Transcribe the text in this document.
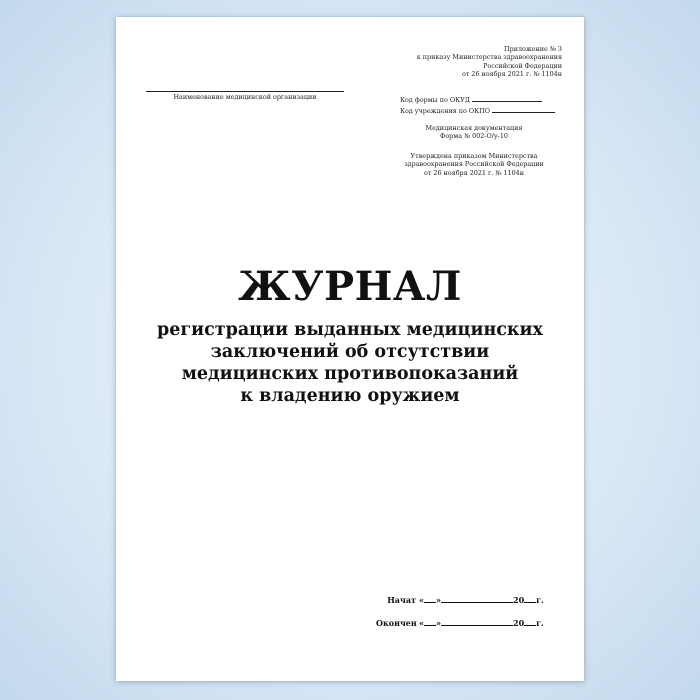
Наименование медицинской организации
Приложение № 3
к приказу Министерства здравоохранения
Российской Федерации
от 26 ноября 2021 г. № 1104н
Код формы по ОКУД
Код учреждения по ОКПО
Медицинская документация
Форма № 002-О/у-10
Утверждена приказом Министерства
здравоохранения Российской Федерации
от 26 ноября 2021 г. № 1104н
ЖУРНАЛ
регистрации выданных медицинских
заключений об отсутствии
медицинских противопоказаний
к владению оружием
Начат « »	20 г.
Окончен « »	20 г.
